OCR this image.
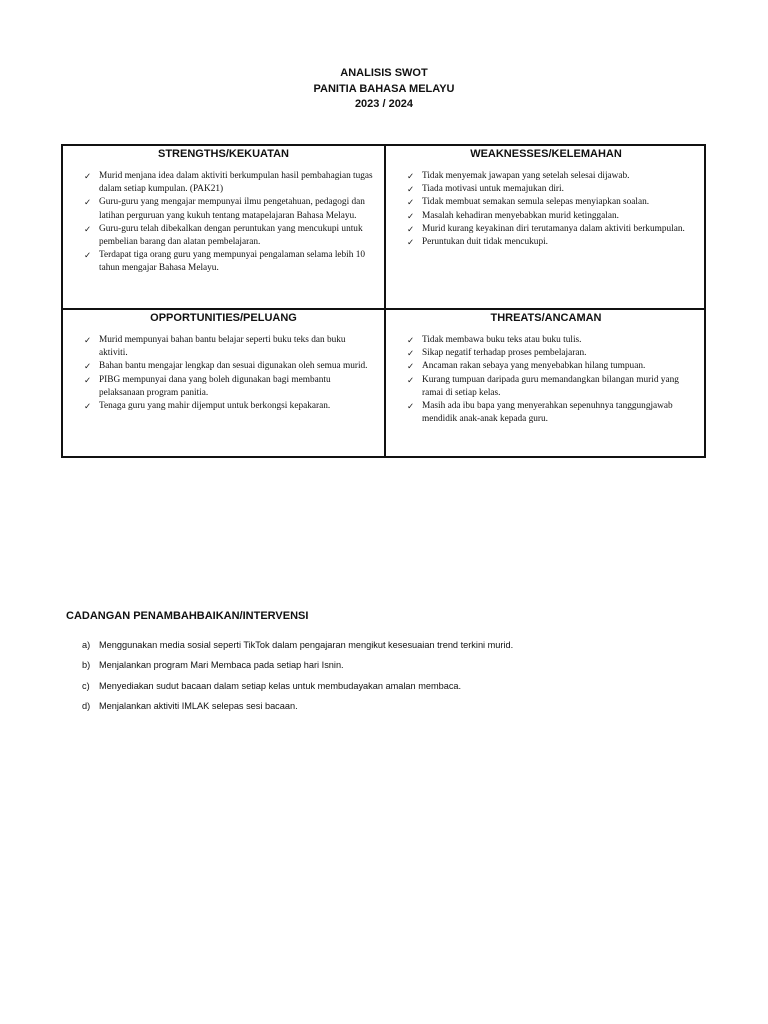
ANALISIS SWOT
PANITIA BAHASA MELAYU
2023 / 2024
STRENGTHS/KEKUATAN
✓ Murid menjana idea dalam aktiviti berkumpulan hasil pembahagian tugas dalam setiap kumpulan. (PAK21)
✓ Guru-guru yang mengajar mempunyai ilmu pengetahuan, pedagogi dan latihan perguruan yang kukuh tentang matapelajaran Bahasa Melayu.
✓ Guru-guru telah dibekalkan dengan peruntukan yang mencukupi untuk pembelian barang dan alatan pembelajaran.
✓ Terdapat tiga orang guru yang mempunyai pengalaman selama lebih 10 tahun mengajar Bahasa Melayu.
WEAKNESSES/KELEMAHAN
✓ Tidak menyemak jawapan yang setelah selesai dijawab.
✓ Tiada motivasi untuk memajukan diri.
✓ Tidak membuat semakan semula selepas menyiapkan soalan.
✓ Masalah kehadiran menyebabkan murid ketinggalan.
✓ Murid kurang keyakinan diri terutamanya dalam aktiviti berkumpulan.
✓ Peruntukan duit tidak mencukupi.
OPPORTUNITIES/PELUANG
✓ Murid mempunyai bahan bantu belajar seperti buku teks dan buku aktiviti.
✓ Bahan bantu mengajar lengkap dan sesuai digunakan oleh semua murid.
✓ PIBG mempunyai dana yang boleh digunakan bagi membantu pelaksanaan program panitia.
✓ Tenaga guru yang mahir dijemput untuk berkongsi kepakaran.
THREATS/ANCAMAN
✓ Tidak membawa buku teks atau buku tulis.
✓ Sikap negatif terhadap proses pembelajaran.
✓ Ancaman rakan sebaya yang menyebabkan hilang tumpuan.
✓ Kurang tumpuan daripada guru memandangkan bilangan murid yang ramai di setiap kelas.
✓ Masih ada ibu bapa yang menyerahkan sepenuhnya tanggungjawab mendidik anak-anak kepada guru.
CADANGAN PENAMBAHBAIKAN/INTERVENSI
a) Menggunakan media sosial seperti TikTok dalam pengajaran mengikut kesesuaian trend terkini murid.
b) Menjalankan program Mari Membaca pada setiap hari Isnin.
c) Menyediakan sudut bacaan dalam setiap kelas untuk membudayakan amalan membaca.
d) Menjalankan aktiviti IMLAK selepas sesi bacaan.
